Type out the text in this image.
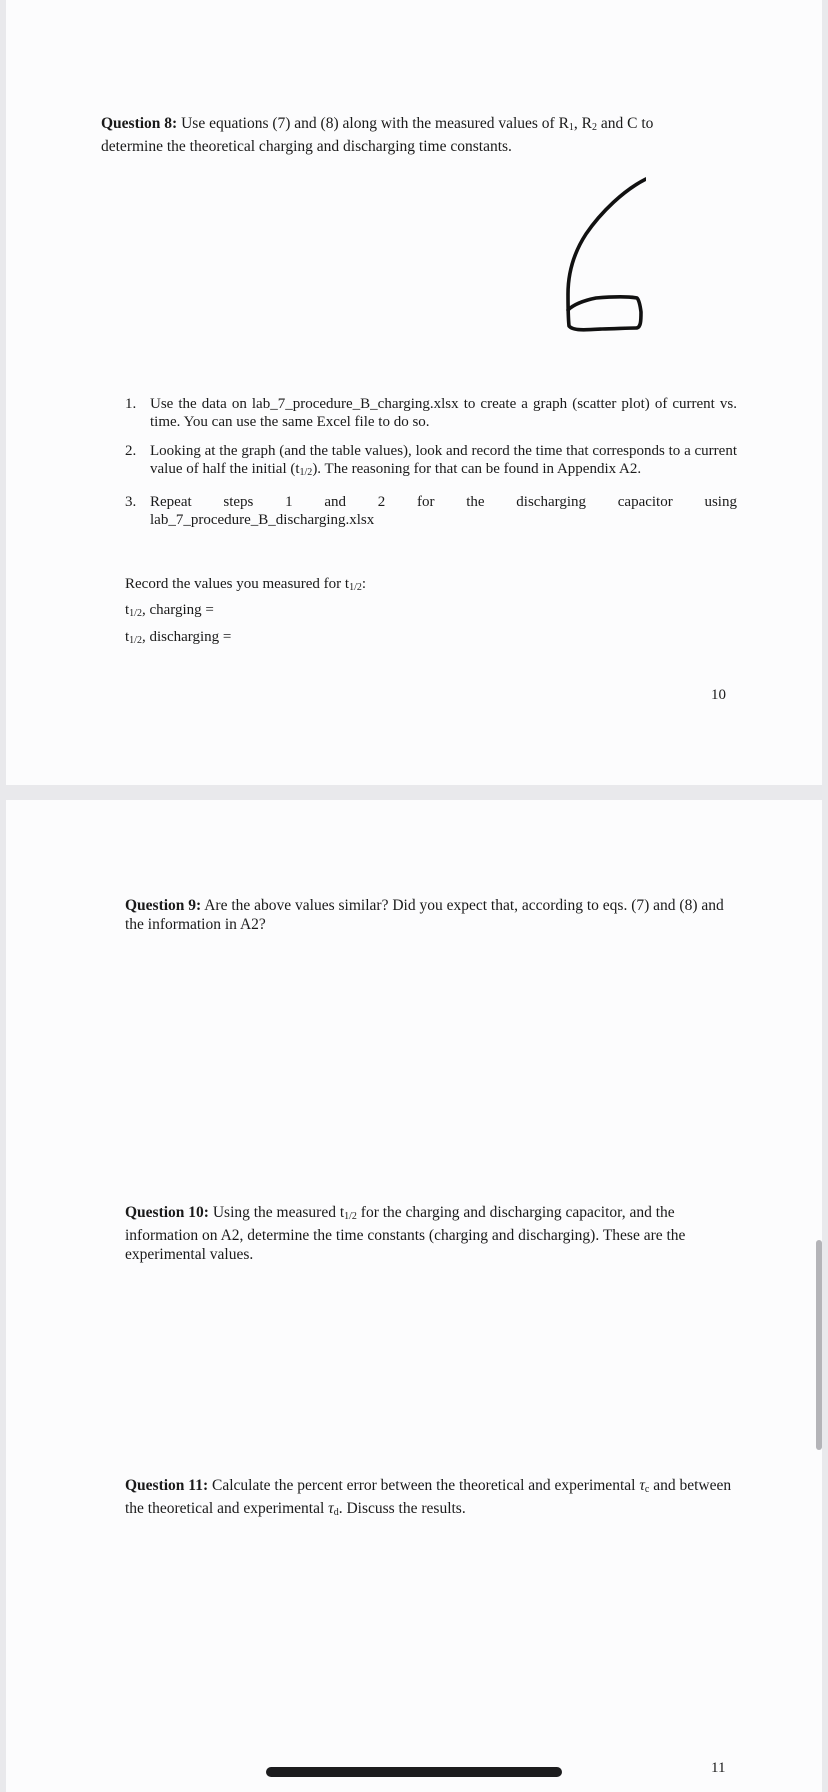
Question 8: Use equations (7) and (8) along with the measured values of $R_1$, $R_2$ and C to determine the theoretical charging and discharging time constants.

1. Use the data on lab_7_procedure_B_charging.xlsx to create a graph (scatter plot) of current vs. time. You can use the same Excel file to do so.
2. Looking at the graph (and the table values), look and record the time that corresponds to a current value of half the initial $(t_{1/2})$. The reasoning for that can be found in Appendix A2.
3. Repeat steps 1 and 2 for the discharging capacitor using
lab_7_procedure_B_discharging.xlsx
Record the values you measured for $t_{1/2}$:
$t_{1/2}$, charging =
$t_{1/2}$, discharging =
10

Question 9: Are the above values similar? Did you expect that, according to eqs. (7) and (8) and the information in A2?

Question 10: Using the measured $t_{1/2}$ for the charging and discharging capacitor, and the information on A2, determine the time constants (charging and discharging). These are the experimental values.

Question 11: Calculate the percent error between the theoretical and experimental $\tau_c$ and between the theoretical and experimental $\tau_d$. Discuss the results.

11
